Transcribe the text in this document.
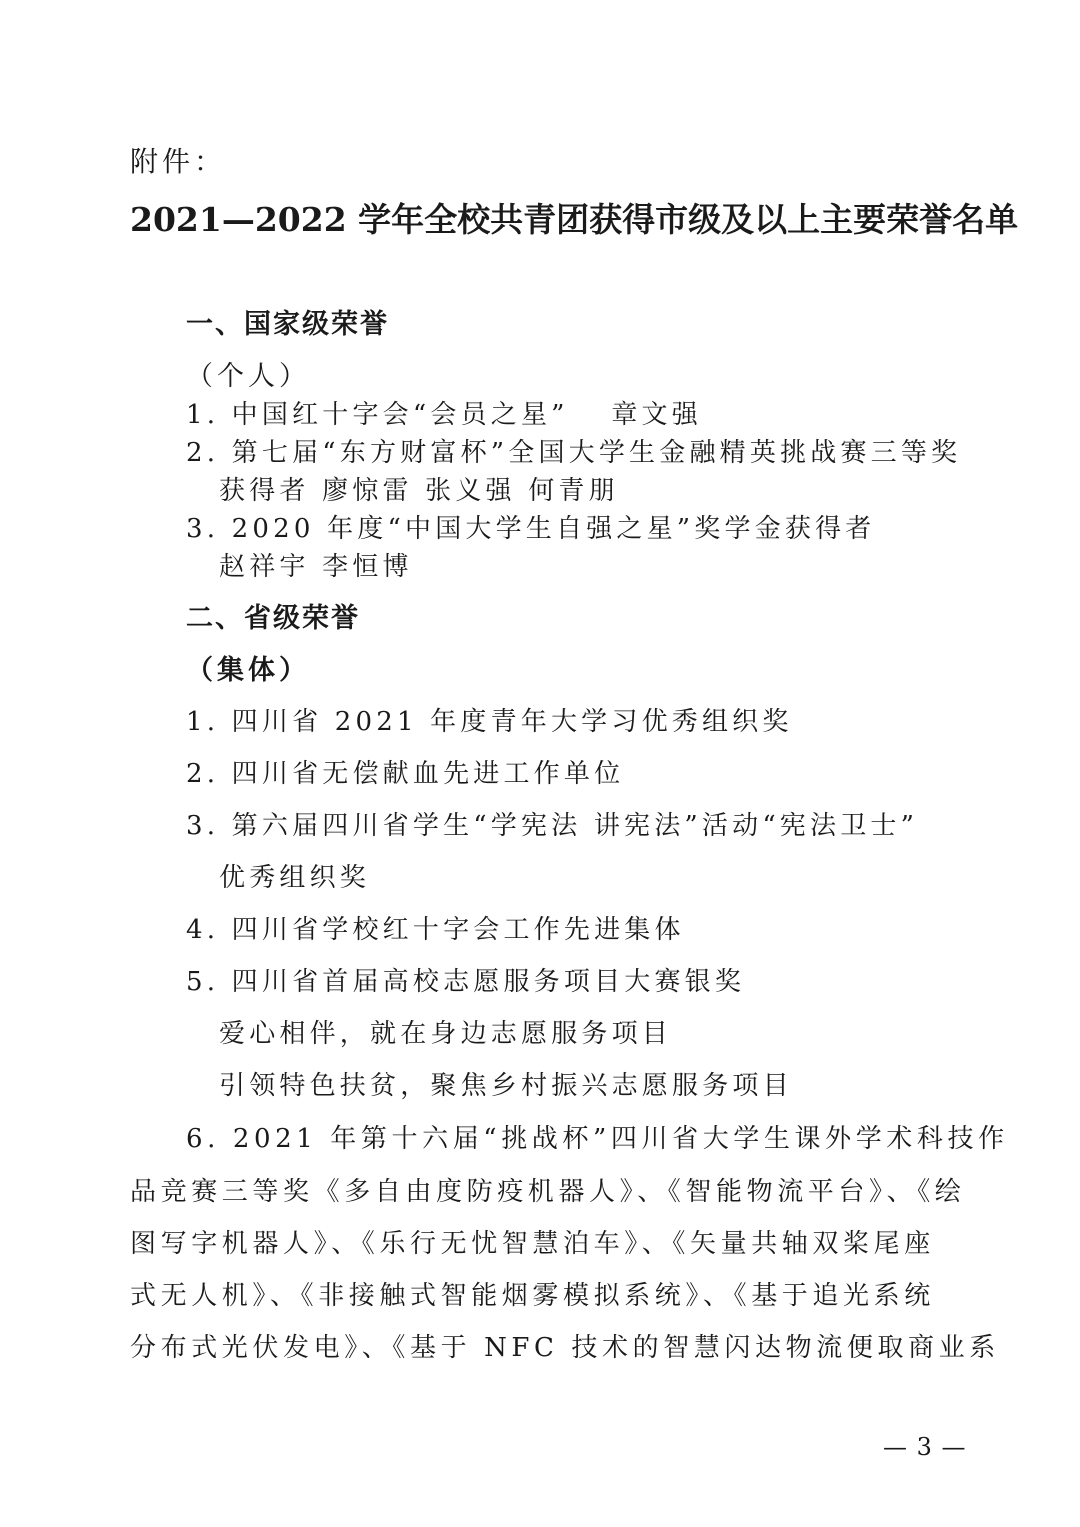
附件：
2021—2022 学年全校共青团获得市级及以上主要荣誉名单
一、国家级荣誉
（个人）
1. 中国红十字会“会员之星”　 章文强
2. 第七届“东方财富杯”全国大学生金融精英挑战赛三等奖
获得者 廖惊雷 张义强 何青朋
3. 2020 年度“中国大学生自强之星”奖学金获得者
赵祥宇 李恒博
二、省级荣誉
（集体）
1. 四川省 2021 年度青年大学习优秀组织奖
2. 四川省无偿献血先进工作单位
3. 第六届四川省学生“学宪法 讲宪法”活动“宪法卫士”
优秀组织奖
4. 四川省学校红十字会工作先进集体
5. 四川省首届高校志愿服务项目大赛银奖
爱心相伴，就在身边志愿服务项目
引领特色扶贫，聚焦乡村振兴志愿服务项目
6. 2021 年第十六届“挑战杯”四川省大学生课外学术科技作
品竞赛三等奖《多自由度防疫机器人》、《智能物流平台》、《绘
图写字机器人》、《乐行无忧智慧泊车》、《矢量共轴双桨尾座
式无人机》、《非接触式智能烟雾模拟系统》、《基于追光系统
分布式光伏发电》、《基于 NFC 技术的智慧闪达物流便取商业系
— 3 —
